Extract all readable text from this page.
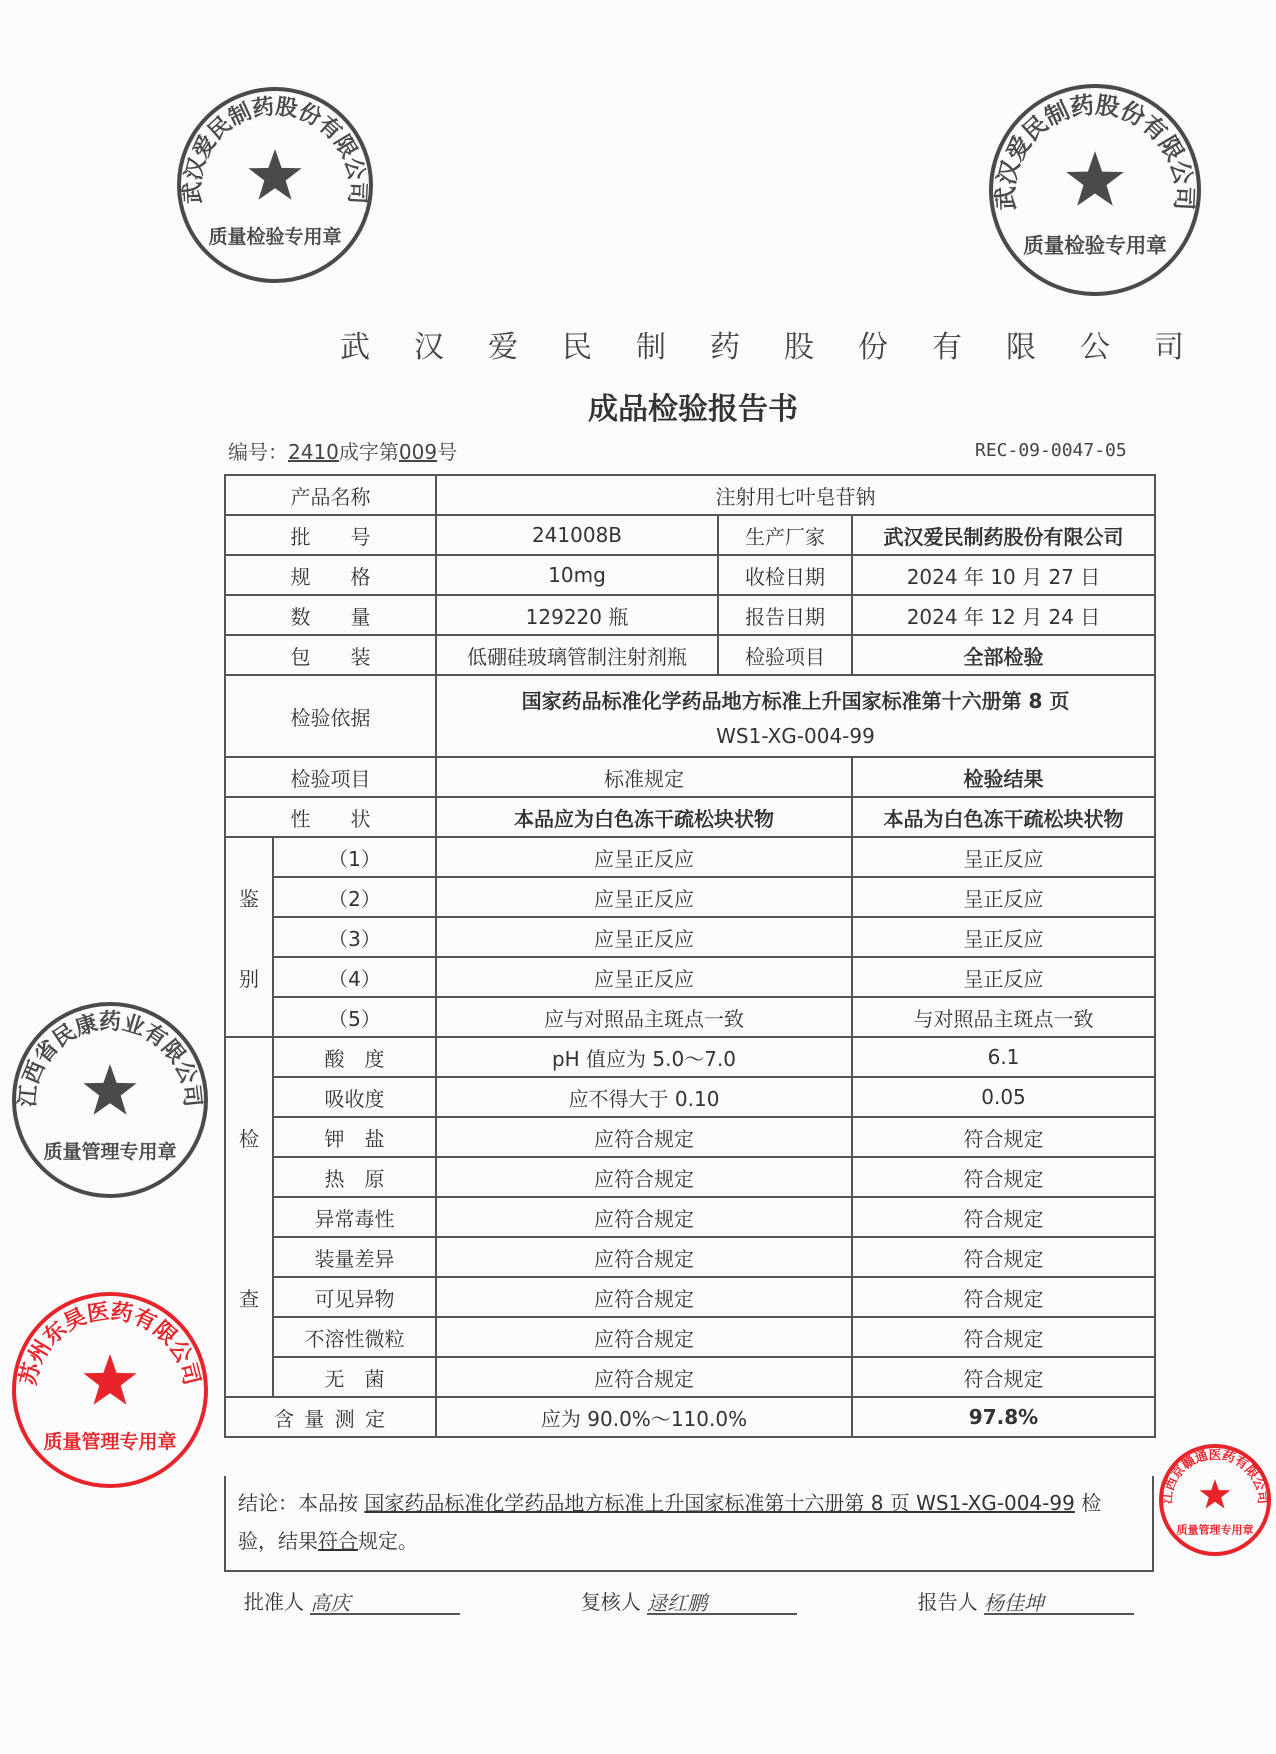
武汉爱民制药股份有限公司
成品检验报告书
编号：2410成字第009号	REC-09-0047-05
产品名称		注射用七叶皂苷钠		
批　　号		241008B	生产厂家	武汉爱民制药股份有限公司
规　　格		10mg	收检日期	2024 年 10 月 27 日
数　　量		129220 瓶	报告日期	2024 年 12 月 24 日
包　　装		低硼硅玻璃管制注射剂瓶	检验项目	全部检验
检验依据		国家药品标准化学药品地方标准上升国家标准第十六册第 8 页
WS1-XG-004-99		

检验项目		标准规定		检验结果
性　　状		本品应为白色冻干疏松块状物		本品为白色冻干疏松块状物

鉴
别	（1）	应呈正反应		呈正反应
	（2）	应呈正反应		呈正反应
	（3）	应呈正反应		呈正反应
	（4）	应呈正反应		呈正反应
	（5）	应与对照品主斑点一致		与对照品主斑点一致

检
查	酸　度	pH 值应为 5.0～7.0		6.1
	吸收度	应不得大于 0.10		0.05
	钾　盐	应符合规定		符合规定
	热　原	应符合规定		符合规定
	异常毒性	应符合规定		符合规定
	装量差异	应符合规定		符合规定
	可见异物	应符合规定		符合规定
	不溶性微粒	应符合规定		符合规定
	无　菌	应符合规定		符合规定
含 量 测 定		应为 90.0%～110.0%		97.8%
结论：本品按 国家药品标准化学药品地方标准上升国家标准第十六册第 8 页 WS1-XG-004-99 检验，结果符合规定。
批准人 高庆	复核人 逯红鹏	报告人 杨佳坤
武汉爱民制药股份有限公司
质量检验专用章
武汉爱民制药股份有限公司
质量检验专用章
江西省民康药业有限公司
质量管理专用章
苏州东昊医药有限公司
质量管理专用章
江西京赣通医药有限公司
质量管理专用章
